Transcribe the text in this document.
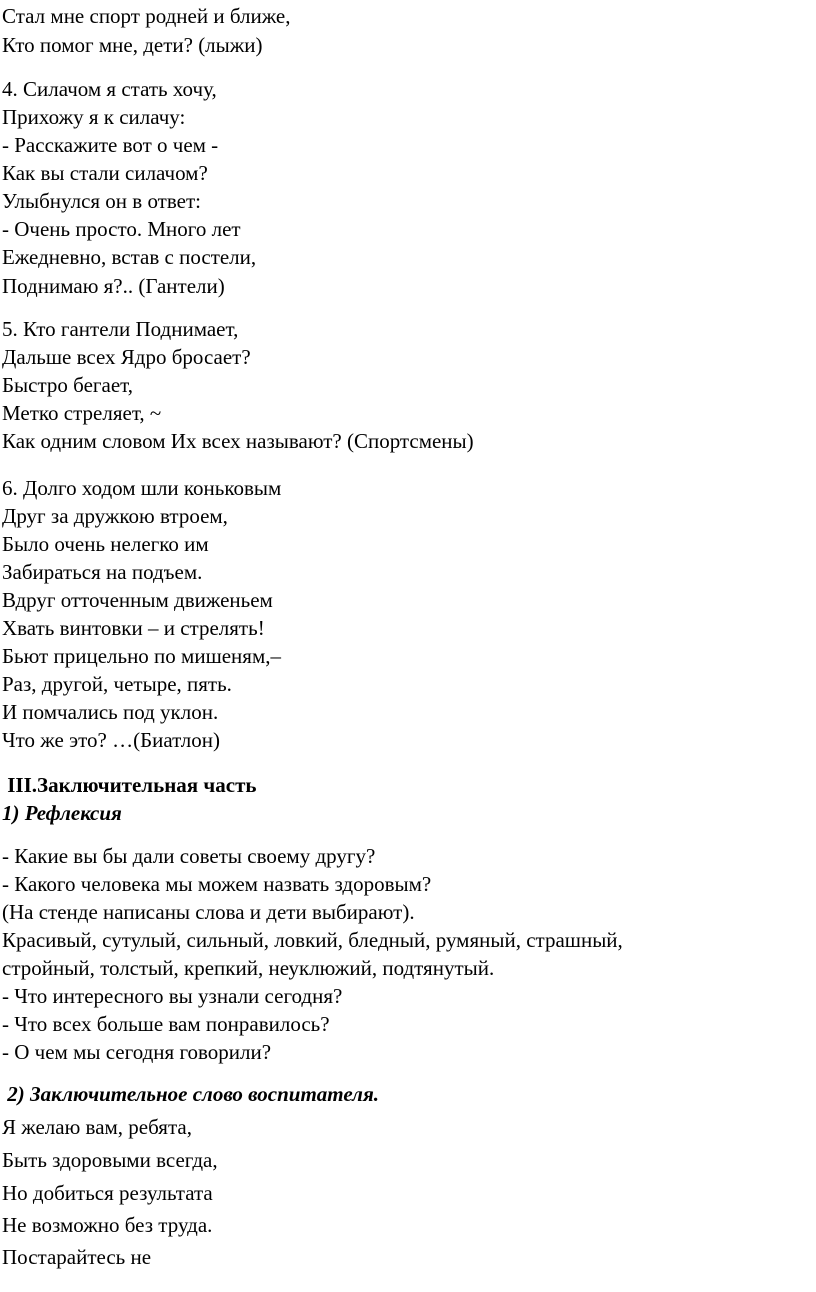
Стал мне спорт родней и ближе,
Кто помог мне, дети? (лыжи)
4. Силачом я стать хочу,
Прихожу я к силачу:
- Расскажите вот о чем -
Как вы стали силачом?
Улыбнулся он в ответ:
- Очень просто. Много лет
Ежедневно, встав с постели,
Поднимаю я?.. (Гантели)
5. Кто гантели Поднимает,
Дальше всех Ядро бросает?
Быстро бегает,
Метко стреляет, ~
Как одним словом Их всех называют? (Спортсмены)
6. Долго ходом шли коньковым
Друг за дружкою втроем,
Было очень нелегко им
Забираться на подъем.
Вдруг отточенным движеньем
Хвать винтовки – и стрелять!
Бьют прицельно по мишеням,–
Раз, другой, четыре, пять.
И помчались под уклон.
Что же это? …(Биатлон)
III.Заключительная часть
1) Рефлексия
- Какие вы бы дали советы своему другу?
- Какого человека мы можем назвать здоровым?
(На стенде написаны слова и дети выбирают).
Красивый, сутулый, сильный, ловкий, бледный, румяный, страшный,
стройный, толстый, крепкий, неуклюжий, подтянутый.
- Что интересного вы узнали сегодня?
- Что всех больше вам понравилось?
- О чем мы сегодня говорили?
2) Заключительное слово воспитателя.
Я желаю вам, ребята,
Быть здоровыми всегда,
Но добиться результата
Не возможно без труда.
Постарайтесь не
